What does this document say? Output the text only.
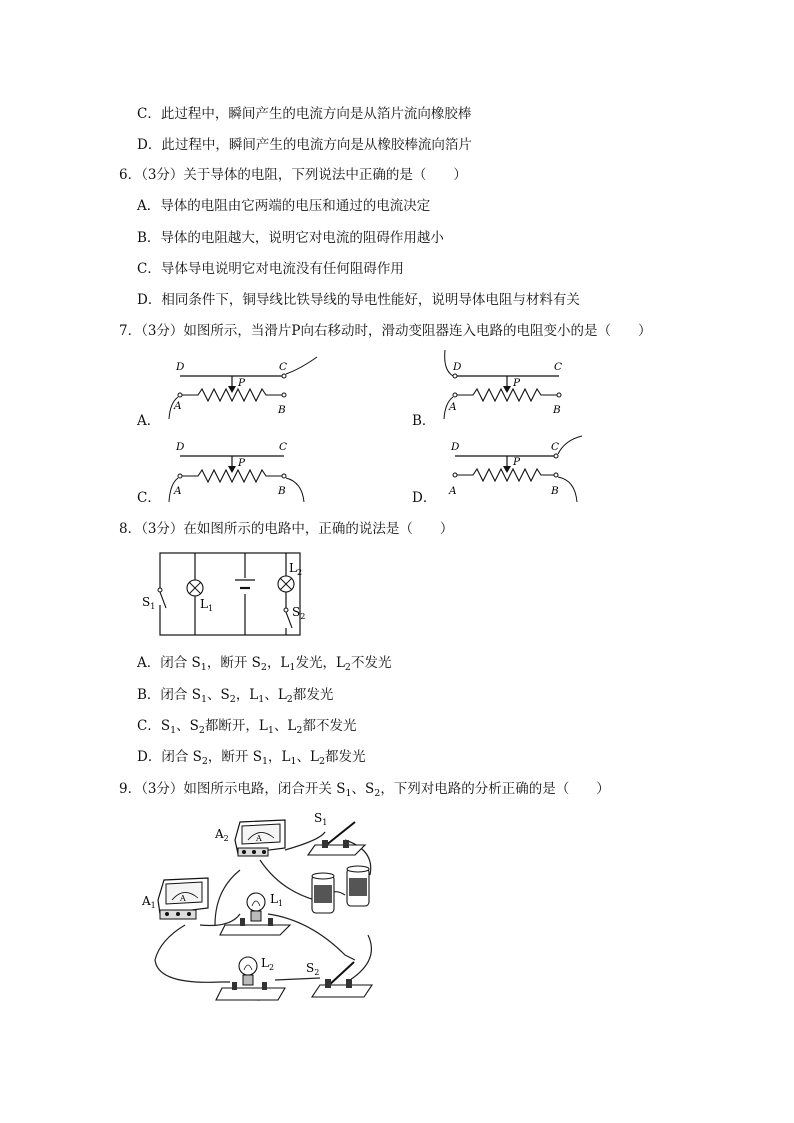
C．此过程中，瞬间产生的电流方向是从箔片流向橡胶棒
D．此过程中，瞬间产生的电流方向是从橡胶棒流向箔片
6．（3分）关于导体的电阻，下列说法中正确的是（　　）
A．导体的电阻由它两端的电压和通过的电流决定
B．导体的电阻越大，说明它对电流的阻碍作用越小
C．导体导电说明它对电流没有任何阻碍作用
D．相同条件下，铜导线比铁导线的导电性能好，说明导体电阻与材料有关
7．（3分）如图所示，当滑片P向右移动时，滑动变阻器连入电路的电阻变小的是（　　）
A．	B．
C．	D．
D	C
P
A	B
D	C
P
A	B
D	C
P
A	B
D	C
P
A	B
8．（3分）在如图所示的电路中，正确的说法是（　　）
$S_1$	$L_1$
$L_2$
$S_2$
A．闭合 $S_1$，断开 $S_2$，$L_1$发光，$L_2$不发光
B．闭合 $S_1$、$S_2$，$L_1$、$L_2$都发光
C．$S_1$、$S_2$都断开，$L_1$、$L_2$都不发光
D．闭合 $S_2$，断开 $S_1$，$L_1$、$L_2$都发光
9．（3分）如图所示电路，闭合开关 $S_1$、$S_2$，下列对电路的分析正确的是（　　）
A
$A_2$
$S_1$
A
$A_1$	$L_1$
$L_2$	$S_2$
